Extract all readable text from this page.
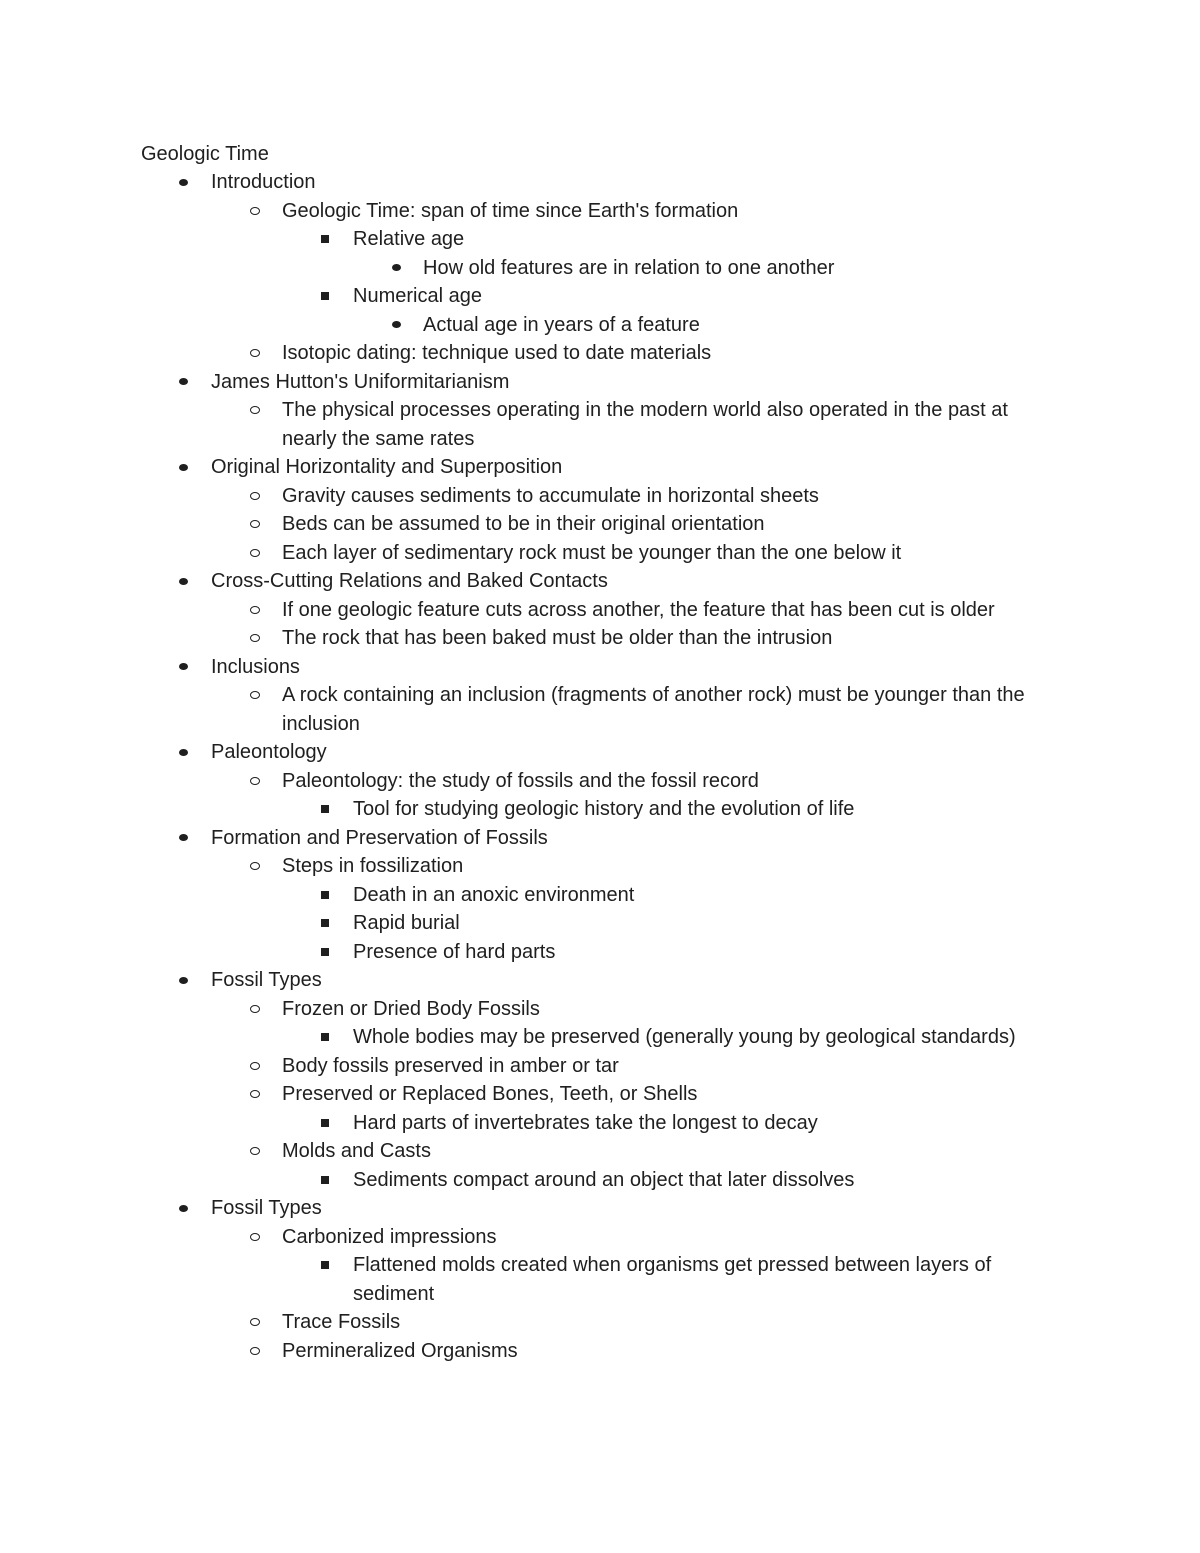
Geologic Time
Introduction
Geologic Time: span of time since Earth's formation
Relative age
How old features are in relation to one another
Numerical age
Actual age in years of a feature
Isotopic dating: technique used to date materials
James Hutton's Uniformitarianism
The physical processes operating in the modern world also operated in the past at nearly the same rates
Original Horizontality and Superposition
Gravity causes sediments to accumulate in horizontal sheets
Beds can be assumed to be in their original orientation
Each layer of sedimentary rock must be younger than the one below it
Cross-Cutting Relations and Baked Contacts
If one geologic feature cuts across another, the feature that has been cut is older
The rock that has been baked must be older than the intrusion
Inclusions
A rock containing an inclusion (fragments of another rock) must be younger than the inclusion
Paleontology
Paleontology: the study of fossils and the fossil record
Tool for studying geologic history and the evolution of life
Formation and Preservation of Fossils
Steps in fossilization
Death in an anoxic environment
Rapid burial
Presence of hard parts
Fossil Types
Frozen or Dried Body Fossils
Whole bodies may be preserved (generally young by geological standards)
Body fossils preserved in amber or tar
Preserved or Replaced Bones, Teeth, or Shells
Hard parts of invertebrates take the longest to decay
Molds and Casts
Sediments compact around an object that later dissolves
Fossil Types
Carbonized impressions
Flattened molds created when organisms get pressed between layers of sediment
Trace Fossils
Permineralized Organisms
